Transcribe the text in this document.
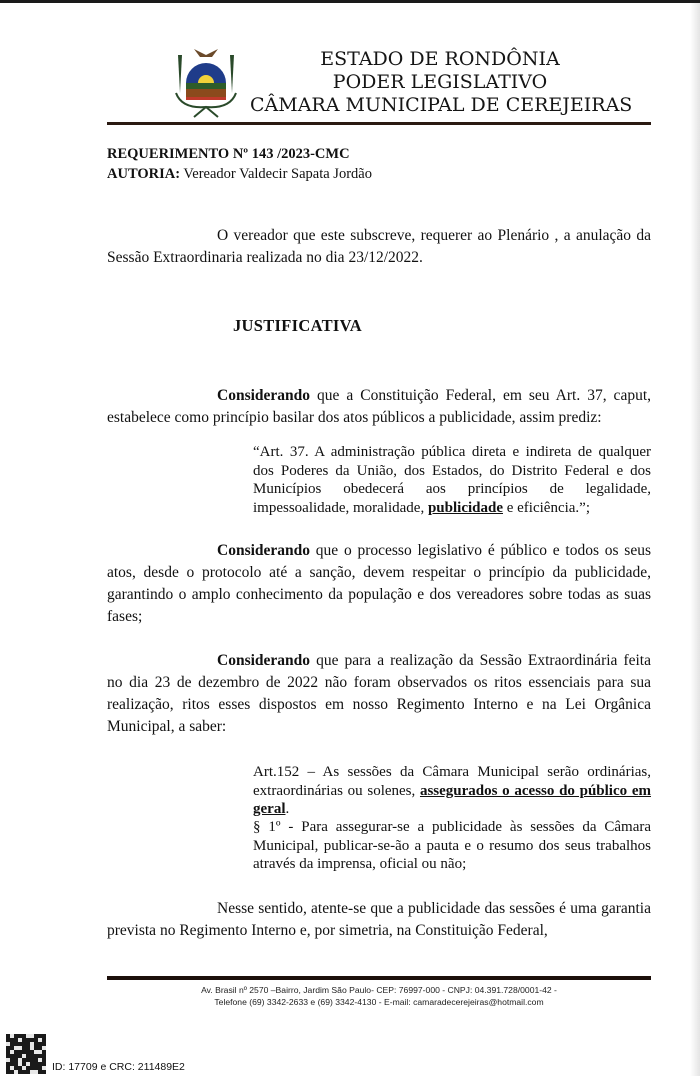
ESTADO DE RONDÔNIA
PODER LEGISLATIVO
CÂMARA MUNICIPAL DE CEREJEIRAS
REQUERIMENTO Nº 143 /2023-CMC
AUTORIA: Vereador Valdecir Sapata Jordão
O vereador que este subscreve, requerer ao Plenário , a anulação da Sessão Extraordinaria realizada no dia 23/12/2022.
JUSTIFICATIVA
Considerando que a Constituição Federal, em seu Art. 37, caput, estabelece como princípio basilar dos atos públicos a publicidade, assim prediz:
“Art. 37. A administração pública direta e indireta de qualquer dos Poderes da União, dos Estados, do Distrito Federal e dos Municípios obedecerá aos princípios de legalidade, impessoalidade, moralidade, publicidade e eficiência.”;
Considerando que o processo legislativo é público e todos os seus atos, desde o protocolo até a sanção, devem respeitar o princípio da publicidade, garantindo o amplo conhecimento da população e dos vereadores sobre todas as suas fases;
Considerando que para a realização da Sessão Extraordinária feita no dia 23 de dezembro de 2022 não foram observados os ritos essenciais para sua realização, ritos esses dispostos em nosso Regimento Interno e na Lei Orgânica Municipal, a saber:
Art.152 – As sessões da Câmara Municipal serão ordinárias, extraordinárias ou solenes, assegurados o acesso do público em geral.
§ 1º - Para assegurar-se a publicidade às sessões da Câmara Municipal, publicar-se-ão a pauta e o resumo dos seus trabalhos através da imprensa, oficial ou não;
Nesse sentido, atente-se que a publicidade das sessões é uma garantia prevista no Regimento Interno e, por simetria, na Constituição Federal,
Av. Brasil nº 2570 –Bairro, Jardim São Paulo- CEP: 76997-000 - CNPJ: 04.391.728/0001-42 -
Telefone (69) 3342-2633 e (69) 3342-4130 - E-mail: camaradecerejeiras@hotmail.com
ID: 17709 e CRC: 211489E2
